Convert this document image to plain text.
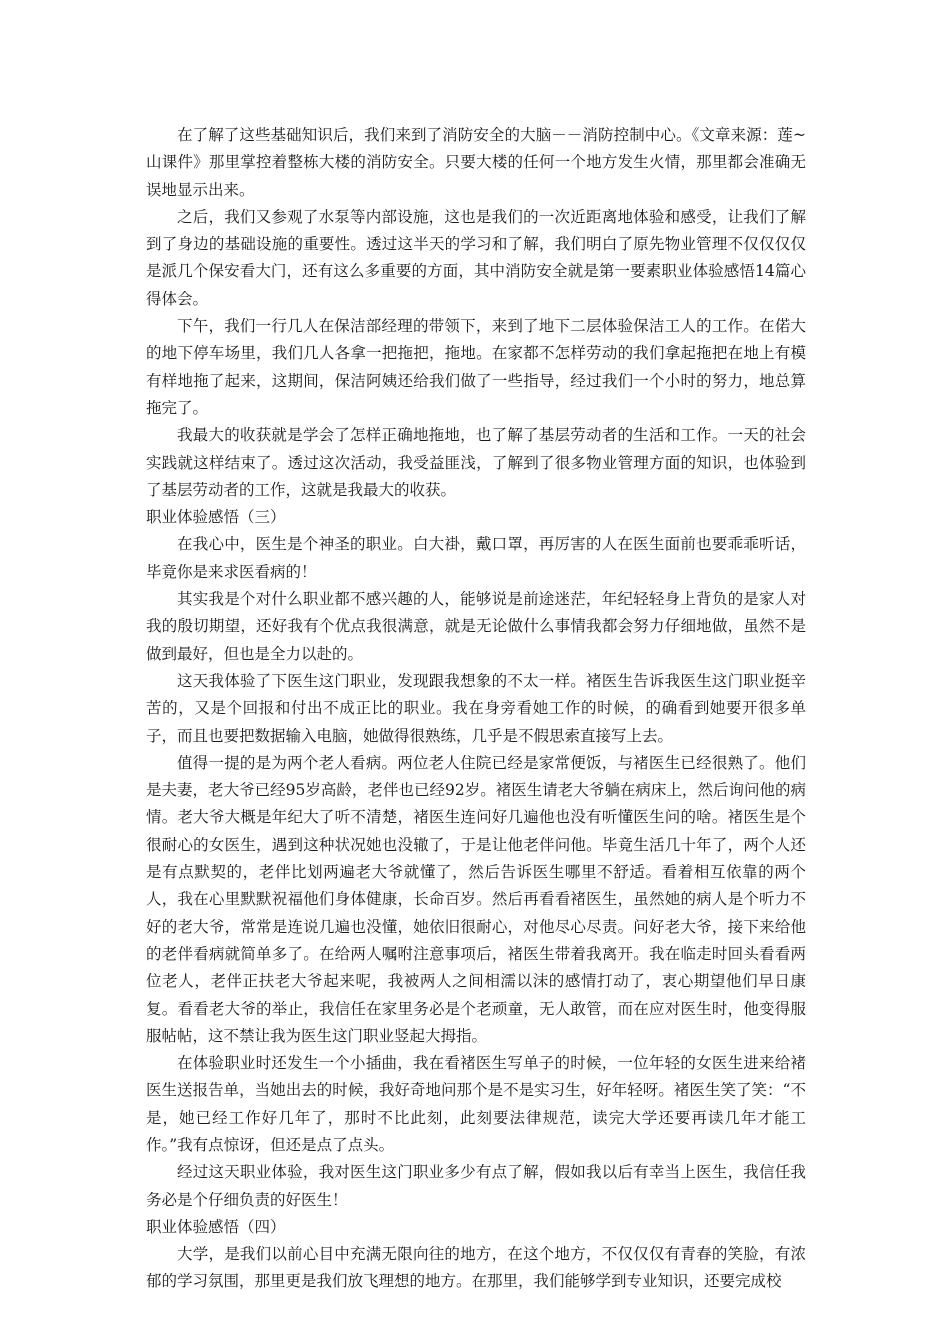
在了解了这些基础知识后，我们来到了消防安全的大脑－－消防控制中心。《文章来源：莲~山课件》那里掌控着整栋大楼的消防安全。只要大楼的任何一个地方发生火情，那里都会准确无误地显示出来。

之后，我们又参观了水泵等内部设施，这也是我们的一次近距离地体验和感受，让我们了解到了身边的基础设施的重要性。透过这半天的学习和了解，我们明白了原先物业管理不仅仅仅仅是派几个保安看大门，还有这么多重要的方面，其中消防安全就是第一要素职业体验感悟14篇心得体会。

下午，我们一行几人在保洁部经理的带领下，来到了地下二层体验保洁工人的工作。在偌大的地下停车场里，我们几人各拿一把拖把，拖地。在家都不怎样劳动的我们拿起拖把在地上有模有样地拖了起来，这期间，保洁阿姨还给我们做了一些指导，经过我们一个小时的努力，地总算拖完了。

我最大的收获就是学会了怎样正确地拖地，也了解了基层劳动者的生活和工作。一天的社会实践就这样结束了。透过这次活动，我受益匪浅，了解到了很多物业管理方面的知识，也体验到了基层劳动者的工作，这就是我最大的收获。

职业体验感悟（三）

在我心中，医生是个神圣的职业。白大褂，戴口罩，再厉害的人在医生面前也要乖乖听话，毕竟你是来求医看病的！

其实我是个对什么职业都不感兴趣的人，能够说是前途迷茫，年纪轻轻身上背负的是家人对我的殷切期望，还好我有个优点我很满意，就是无论做什么事情我都会努力仔细地做，虽然不是做到最好，但也是全力以赴的。

这天我体验了下医生这门职业，发现跟我想象的不太一样。褚医生告诉我医生这门职业挺辛苦的，又是个回报和付出不成正比的职业。我在身旁看她工作的时候，的确看到她要开很多单子，而且也要把数据输入电脑，她做得很熟练，几乎是不假思索直接写上去。

值得一提的是为两个老人看病。两位老人住院已经是家常便饭，与褚医生已经很熟了。他们是夫妻，老大爷已经95岁高龄，老伴也已经92岁。褚医生请老大爷躺在病床上，然后询问他的病情。老大爷大概是年纪大了听不清楚，褚医生连问好几遍他也没有听懂医生问的啥。褚医生是个很耐心的女医生，遇到这种状况她也没辙了，于是让他老伴问他。毕竟生活几十年了，两个人还是有点默契的，老伴比划两遍老大爷就懂了，然后告诉医生哪里不舒适。看着相互依靠的两个人，我在心里默默祝福他们身体健康，长命百岁。然后再看看褚医生，虽然她的病人是个听力不好的老大爷，常常是连说几遍也没懂，她依旧很耐心，对他尽心尽责。问好老大爷，接下来给他的老伴看病就简单多了。在给两人嘱咐注意事项后，褚医生带着我离开。我在临走时回头看看两位老人，老伴正扶老大爷起来呢，我被两人之间相濡以沫的感情打动了，衷心期望他们早日康复。看看老大爷的举止，我信任在家里务必是个老顽童，无人敢管，而在应对医生时，他变得服服帖帖，这不禁让我为医生这门职业竖起大拇指。

在体验职业时还发生一个小插曲，我在看褚医生写单子的时候，一位年轻的女医生进来给褚医生送报告单，当她出去的时候，我好奇地问那个是不是实习生，好年轻呀。褚医生笑了笑：“不是，她已经工作好几年了，那时不比此刻，此刻要法律规范，读完大学还要再读几年才能工作。”我有点惊讶，但还是点了点头。

经过这天职业体验，我对医生这门职业多少有点了解，假如我以后有幸当上医生，我信任我务必是个仔细负责的好医生！

职业体验感悟（四）

大学，是我们以前心目中充满无限向往的地方，在这个地方，不仅仅仅有青春的笑脸，有浓郁的学习氛围，那里更是我们放飞理想的地方。在那里，我们能够学到专业知识，还要完成校
